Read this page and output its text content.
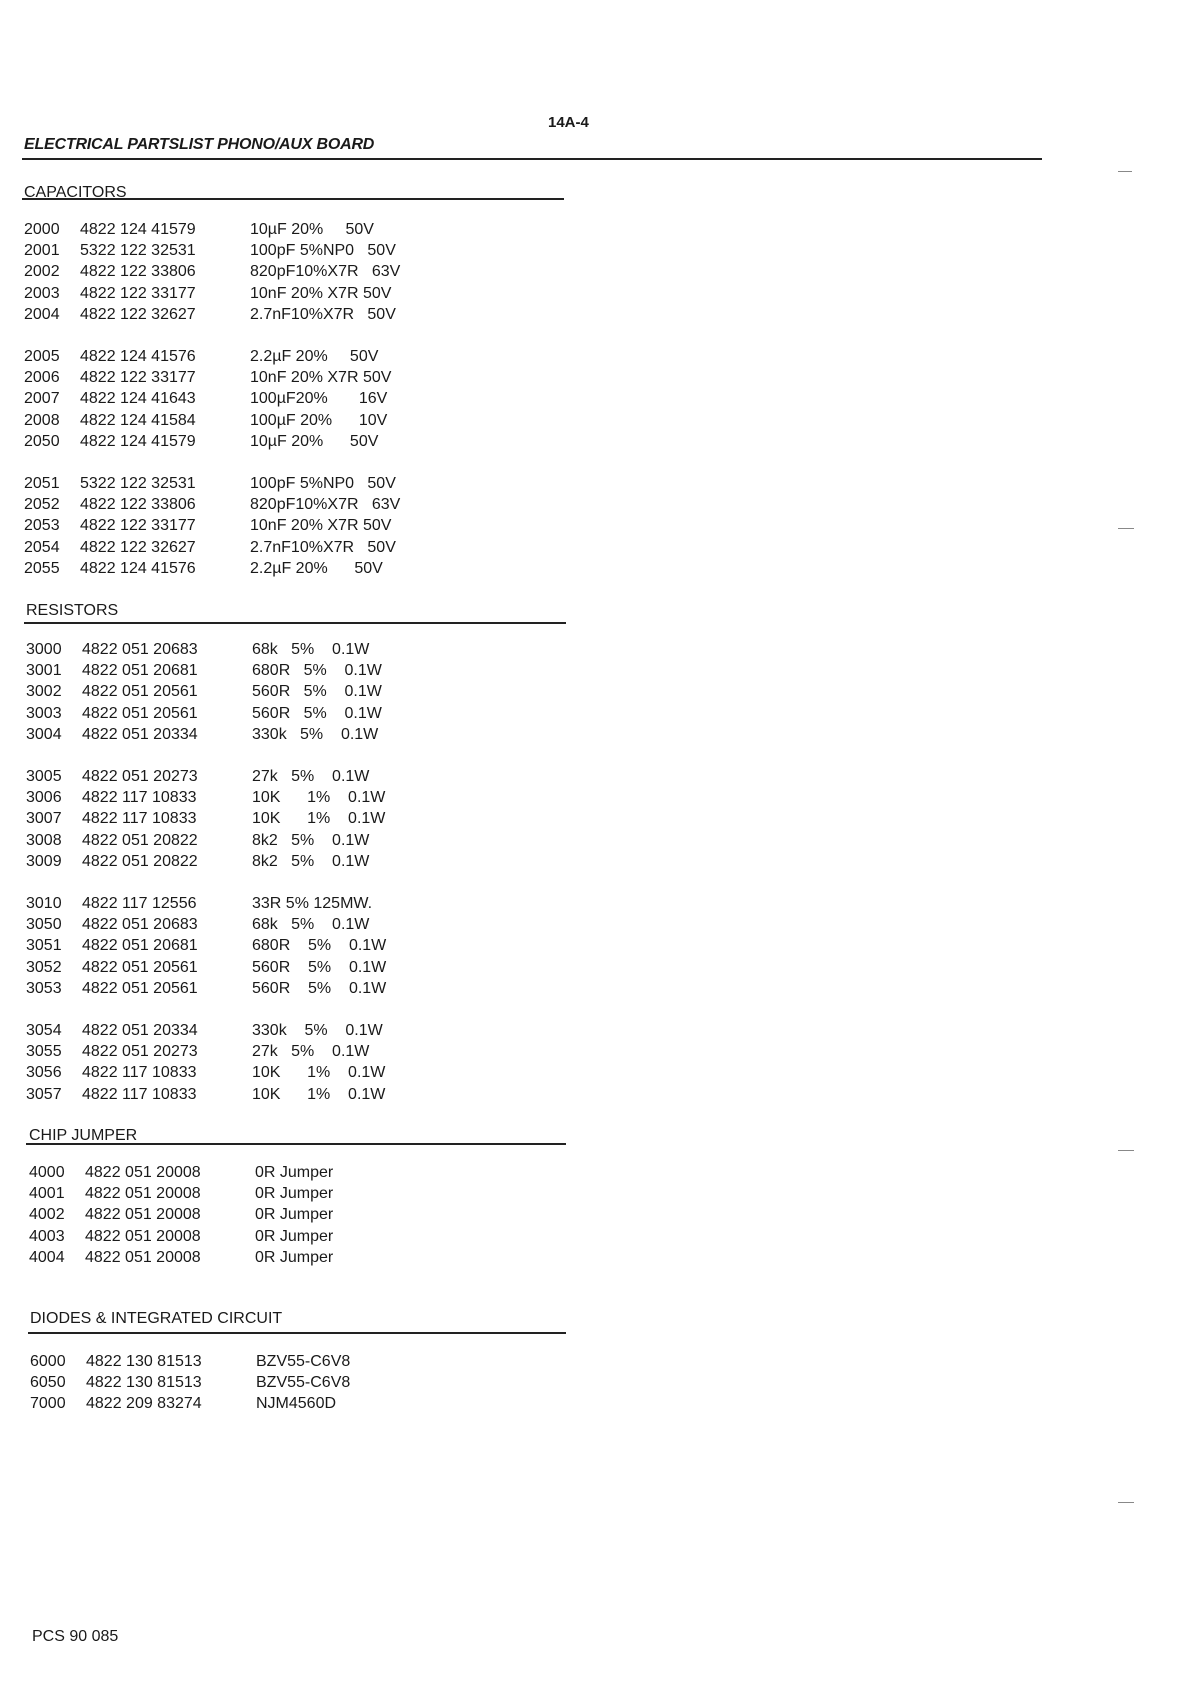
14A-4
ELECTRICAL PARTSLIST PHONO/AUX BOARD
CAPACITORS
2000 4822 124 41579	10µF 20%     50V
2001 5322 122 32531	100pF 5%NP0   50V
2002 4822 122 33806	820pF10%X7R   63V
2003 4822 122 33177	10nF 20% X7R 50V
2004 4822 122 32627	2.7nF10%X7R   50V
2005 4822 124 41576	2.2µF 20%     50V
2006 4822 122 33177	10nF 20% X7R 50V
2007 4822 124 41643	100µF20%       16V
2008 4822 124 41584	100µF 20%      10V
2050 4822 124 41579	10µF 20%      50V
2051 5322 122 32531	100pF 5%NP0   50V
2052 4822 122 33806	820pF10%X7R   63V
2053 4822 122 33177	10nF 20% X7R 50V
2054 4822 122 32627	2.7nF10%X7R   50V
2055 4822 124 41576	2.2µF 20%      50V
RESISTORS
3000 4822 051 20683	68k   5%    0.1W
3001 4822 051 20681	680R   5%    0.1W
3002 4822 051 20561	560R   5%    0.1W
3003 4822 051 20561	560R   5%    0.1W
3004 4822 051 20334	330k   5%    0.1W
3005 4822 051 20273	27k   5%    0.1W
3006 4822 117 10833	10K      1%    0.1W
3007 4822 117 10833	10K      1%    0.1W
3008 4822 051 20822	8k2   5%    0.1W
3009 4822 051 20822	8k2   5%    0.1W
3010 4822 117 12556	33R 5% 125MW.
3050 4822 051 20683	68k   5%    0.1W
3051 4822 051 20681	680R    5%    0.1W
3052 4822 051 20561	560R    5%    0.1W
3053 4822 051 20561	560R    5%    0.1W
3054 4822 051 20334	330k    5%    0.1W
3055 4822 051 20273	27k   5%    0.1W
3056 4822 117 10833	10K      1%    0.1W
3057 4822 117 10833	10K      1%    0.1W
CHIP JUMPER
4000 4822 051 20008	0R Jumper
4001 4822 051 20008	0R Jumper
4002 4822 051 20008	0R Jumper
4003 4822 051 20008	0R Jumper
4004 4822 051 20008	0R Jumper
DIODES & INTEGRATED CIRCUIT
6000 4822 130 81513	BZV55-C6V8
6050 4822 130 81513	BZV55-C6V8
7000 4822 209 83274	NJM4560D
PCS 90 085
